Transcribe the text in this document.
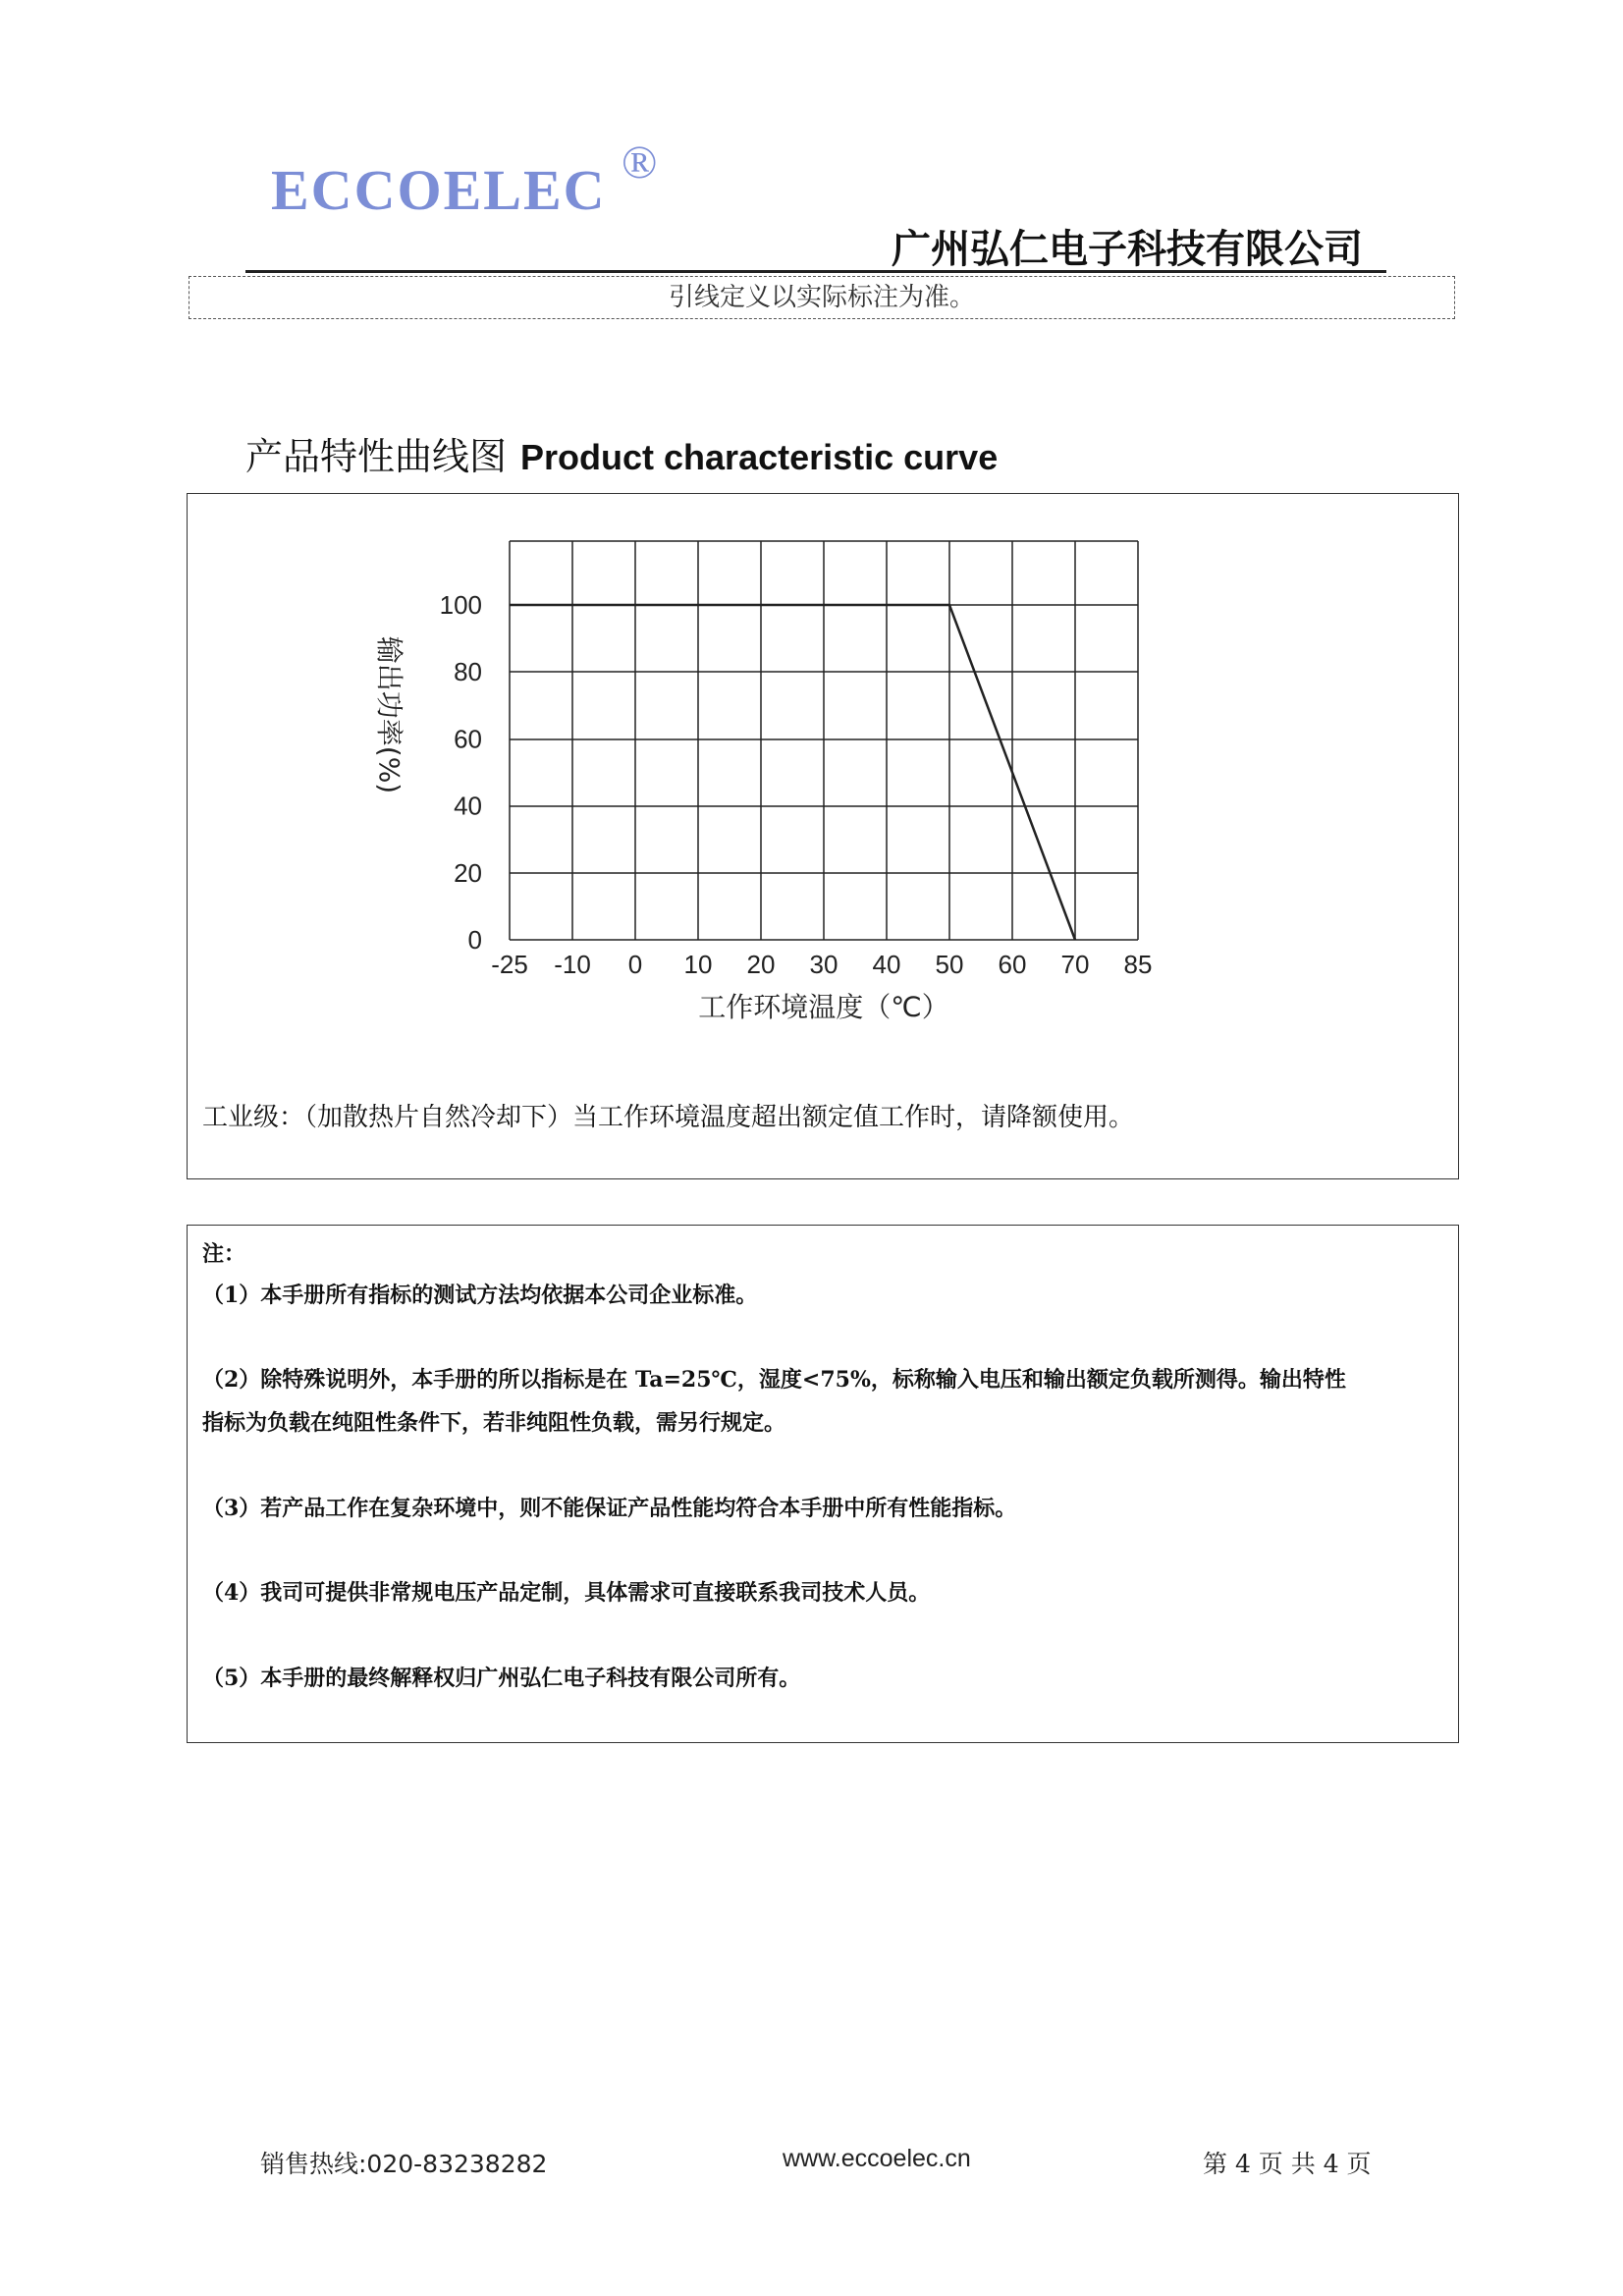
ECCOELEC ®
广州弘仁电子科技有限公司
引线定义以实际标注为准。
产品特性曲线图 Product characteristic curve
100
80
60
40
20
0
-25 -10 0 10 20 30 40 50 60 70 85
工作环境温度（℃）
输出功率(%)
工业级：（加散热片自然冷却下）当工作环境温度超出额定值工作时，请降额使用。
注：
（1）本手册所有指标的测试方法均依据本公司企业标准。
（2）除特殊说明外，本手册的所以指标是在 Ta=25℃，湿度<75%，标称输入电压和输出额定负载所测得。输出特性
指标为负载在纯阻性条件下，若非纯阻性负载，需另行规定。
（3）若产品工作在复杂环境中，则不能保证产品性能均符合本手册中所有性能指标。
（4）我司可提供非常规电压产品定制，具体需求可直接联系我司技术人员。
（5）本手册的最终解释权归广州弘仁电子科技有限公司所有。
销售热线:020-83238282	www.eccoelec.cn	第 4 页 共 4 页
